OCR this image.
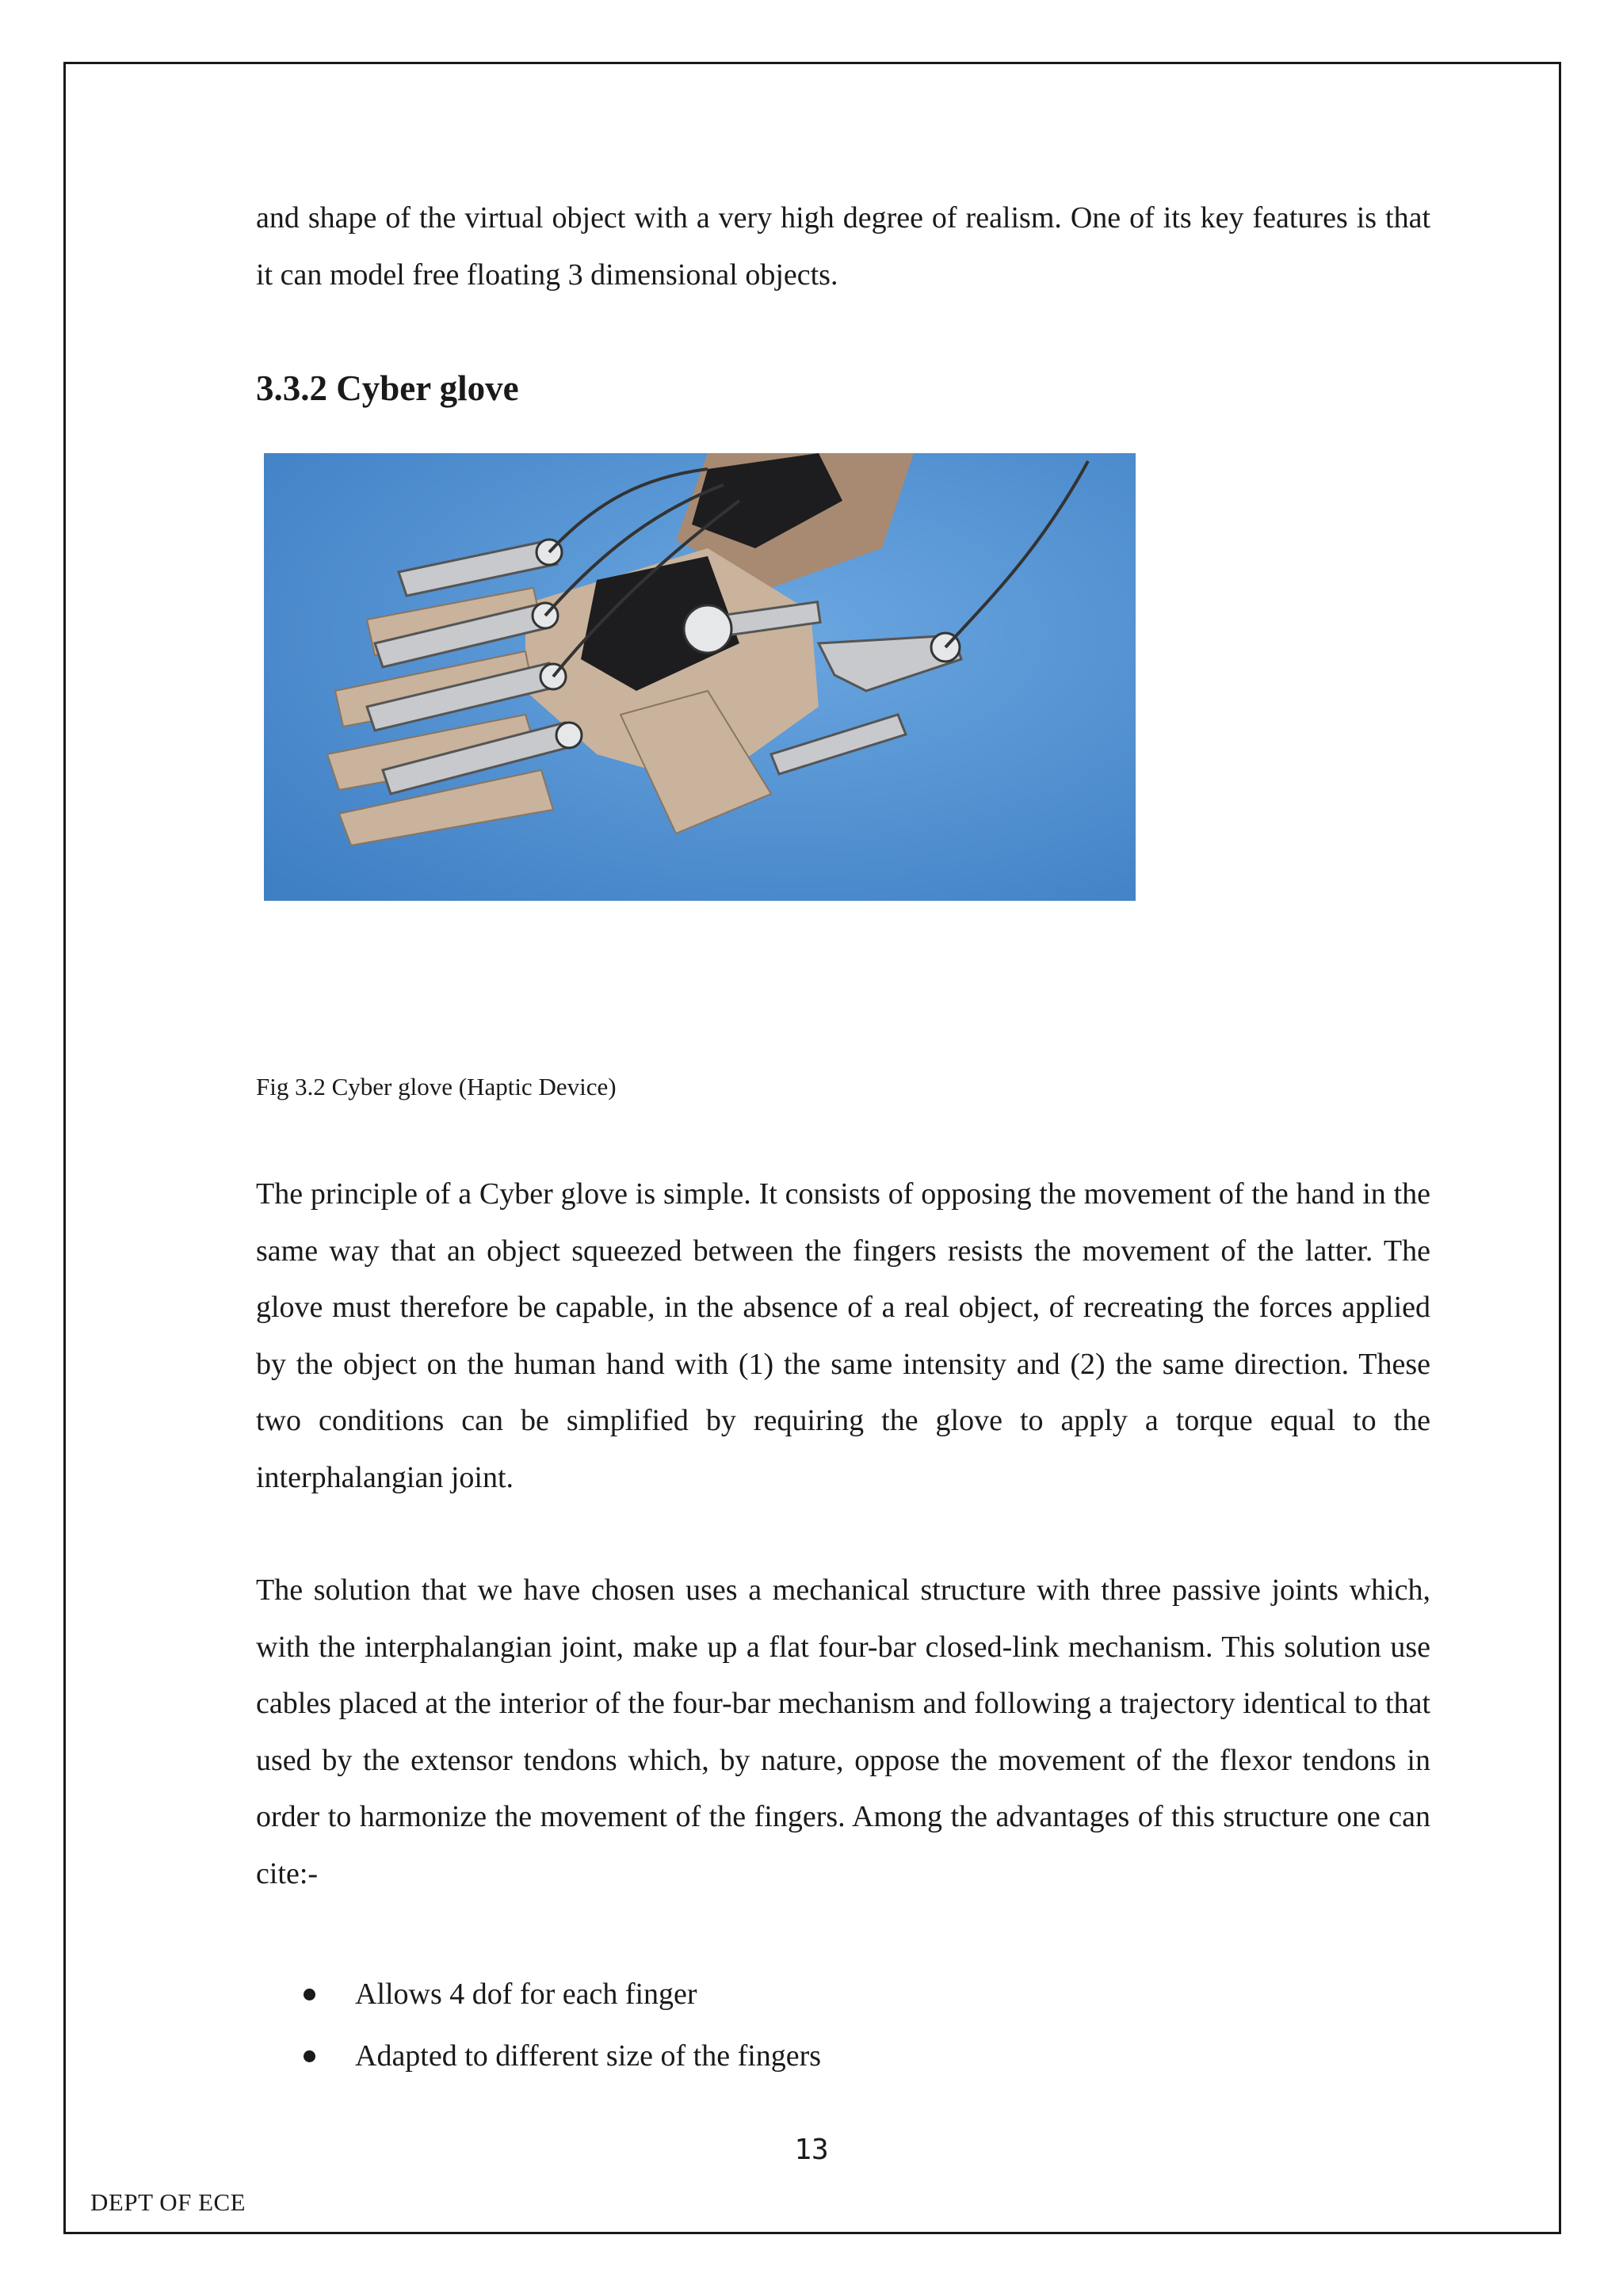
and shape of the virtual object with a very high degree of realism. One of its key features is that it can model free floating 3 dimensional objects.

3.3.2 Cyber glove
Fig 3.2 Cyber glove (Haptic Device)

The principle of a Cyber glove is simple. It consists of opposing the movement of the hand in the same way that an object squeezed between the fingers resists the movement of the latter. The glove must therefore be capable, in the absence of a real object, of recreating the forces applied by the object on the human hand with (1) the same intensity and (2) the same direction. These two conditions can be simplified by requiring the glove to apply a torque equal to the interphalangian joint.

The solution that we have chosen uses a mechanical structure with three passive joints which, with the interphalangian joint, make up a flat four-bar closed-link mechanism. This solution use cables placed at the interior of the four-bar mechanism and following a trajectory identical to that used by the extensor tendons which, by nature, oppose the movement of the flexor tendons in order to harmonize the movement of the fingers. Among the advantages of this structure one can cite:-

Allows 4 dof for each finger
Adapted to different size of the fingers
13
DEPT OF ECE
